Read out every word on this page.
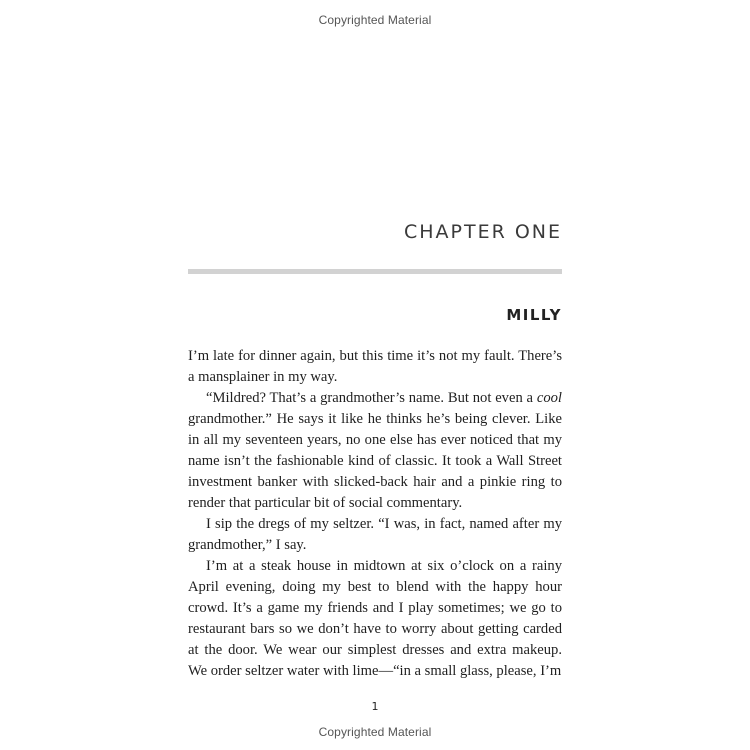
Copyrighted Material
CHAPTER ONE
MILLY

I’m late for dinner again, but this time it’s not my fault. There’s a mansplainer in my way.

“Mildred? That’s a grandmother’s name. But not even a cool grandmother.” He says it like he thinks he’s being clever. Like in all my seventeen years, no one else has ever noticed that my name isn’t the fashionable kind of classic. It took a Wall Street investment banker with slicked-back hair and a pinkie ring to render that particular bit of social commentary.

I sip the dregs of my seltzer. “I was, in fact, named after my grandmother,” I say.

I’m at a steak house in midtown at six o’clock on a rainy April evening, doing my best to blend with the happy hour crowd. It’s a game my friends and I play sometimes; we go to restaurant bars so we don’t have to worry about getting carded at the door. We wear our simplest dresses and extra makeup. We order seltzer water with lime—“in a small glass, please, I’m

1
Copyrighted Material
